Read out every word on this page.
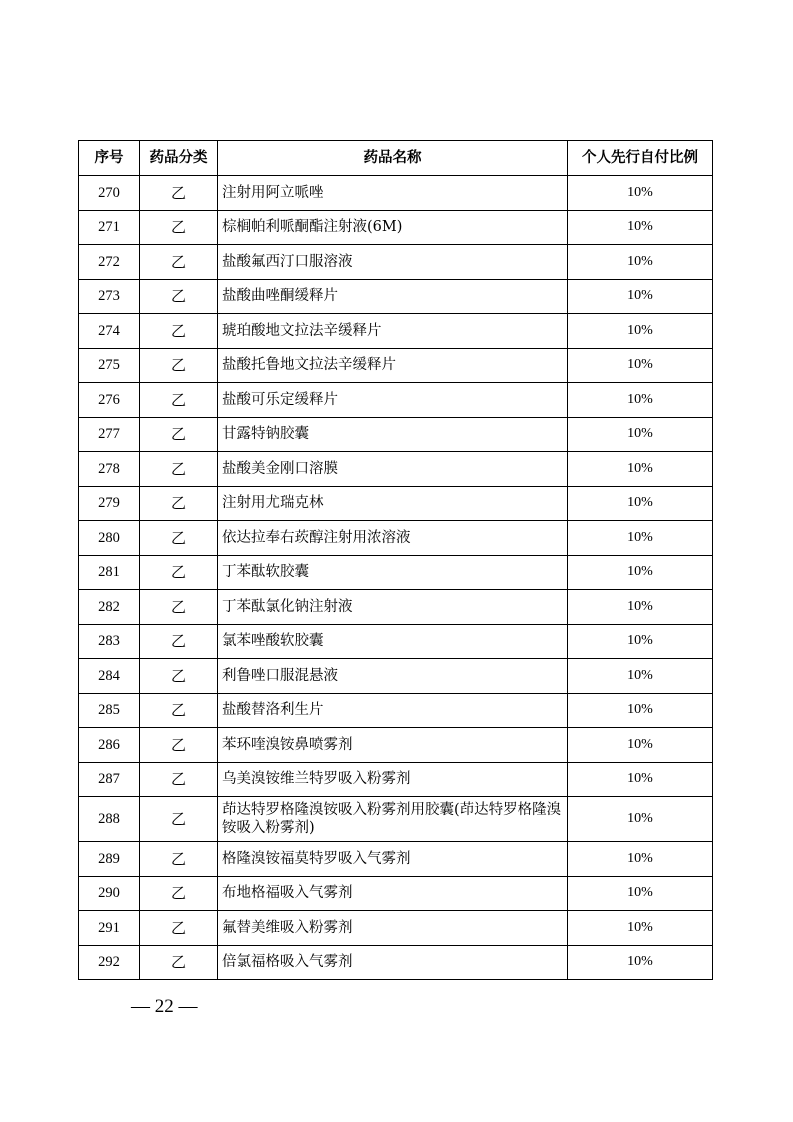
序号	药品分类	药品名称	个人先行自付比例
270	乙	注射用阿立哌唑	10%
271	乙	棕榈帕利哌酮酯注射液(6M)	10%
272	乙	盐酸氟西汀口服溶液	10%
273	乙	盐酸曲唑酮缓释片	10%
274	乙	琥珀酸地文拉法辛缓释片	10%
275	乙	盐酸托鲁地文拉法辛缓释片	10%
276	乙	盐酸可乐定缓释片	10%
277	乙	甘露特钠胶囊	10%
278	乙	盐酸美金刚口溶膜	10%
279	乙	注射用尤瑞克林	10%
280	乙	依达拉奉右莰醇注射用浓溶液	10%
281	乙	丁苯酞软胶囊	10%
282	乙	丁苯酞氯化钠注射液	10%
283	乙	氯苯唑酸软胶囊	10%
284	乙	利鲁唑口服混悬液	10%
285	乙	盐酸替洛利生片	10%
286	乙	苯环喹溴铵鼻喷雾剂	10%
287	乙	乌美溴铵维兰特罗吸入粉雾剂	10%
288	乙	茚达特罗格隆溴铵吸入粉雾剂用胶囊(茚达特罗格隆溴铵吸入粉雾剂)	10%
289	乙	格隆溴铵福莫特罗吸入气雾剂	10%
290	乙	布地格福吸入气雾剂	10%
291	乙	氟替美维吸入粉雾剂	10%
292	乙	倍氯福格吸入气雾剂	10%
— 22 —
